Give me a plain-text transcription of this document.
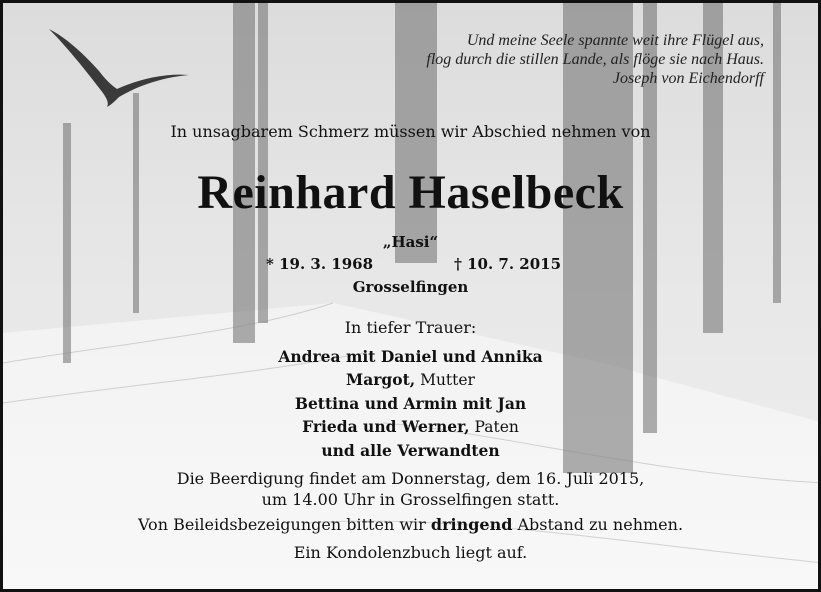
Und meine Seele spannte weit ihre Flügel aus,
flog durch die stillen Lande, als flöge sie nach Haus.
Joseph von Eichendorff
In unsagbarem Schmerz müssen wir Abschied nehmen von
Reinhard Haselbeck
„Hasi“
* 19. 3. 1968	† 10. 7. 2015
Grosselfingen
In tiefer Trauer:
Andrea mit Daniel und Annika
Margot, Mutter
Bettina und Armin mit Jan
Frieda und Werner, Paten
und alle Verwandten
Die Beerdigung findet am Donnerstag, dem 16. Juli 2015,
um 14.00 Uhr in Grosselfingen statt.
Von Beileidsbezeigungen bitten wir dringend Abstand zu nehmen.
Ein Kondolenzbuch liegt auf.
